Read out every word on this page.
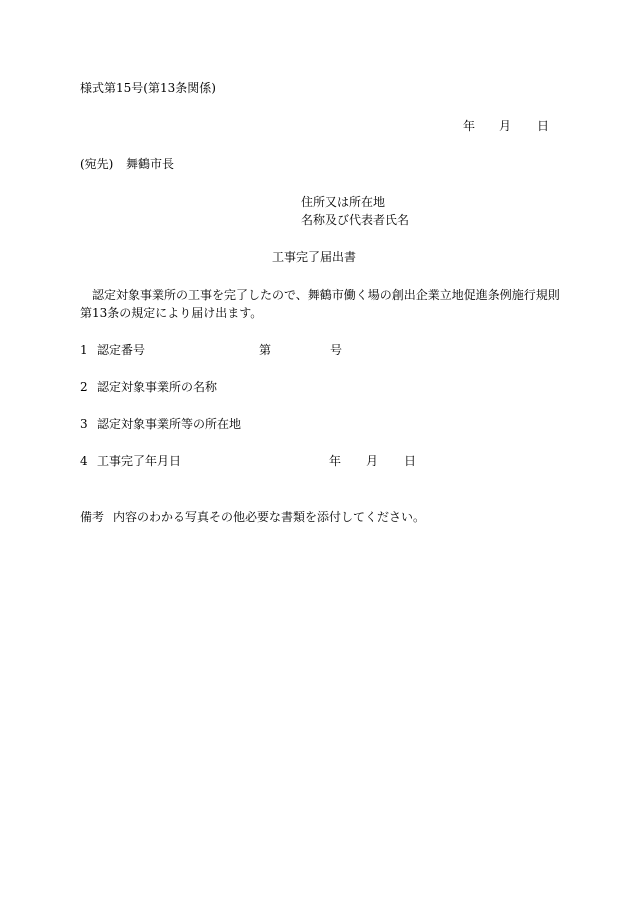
様式第15号(第13条関係)

年 月 日

(宛先) 舞鶴市長

住所又は所在地

名称及び代表者氏名

工事完了届出書

　認定対象事業所の工事を完了したので、舞鶴市働く場の創出企業立地促進条例施行規則
第13条の規定により届け出ます。

1 認定番号	第	号

2 認定対象事業所の名称

3 認定対象事業所等の所在地

4 工事完了年月日	年 月 日

備考 内容のわかる写真その他必要な書類を添付してください。
